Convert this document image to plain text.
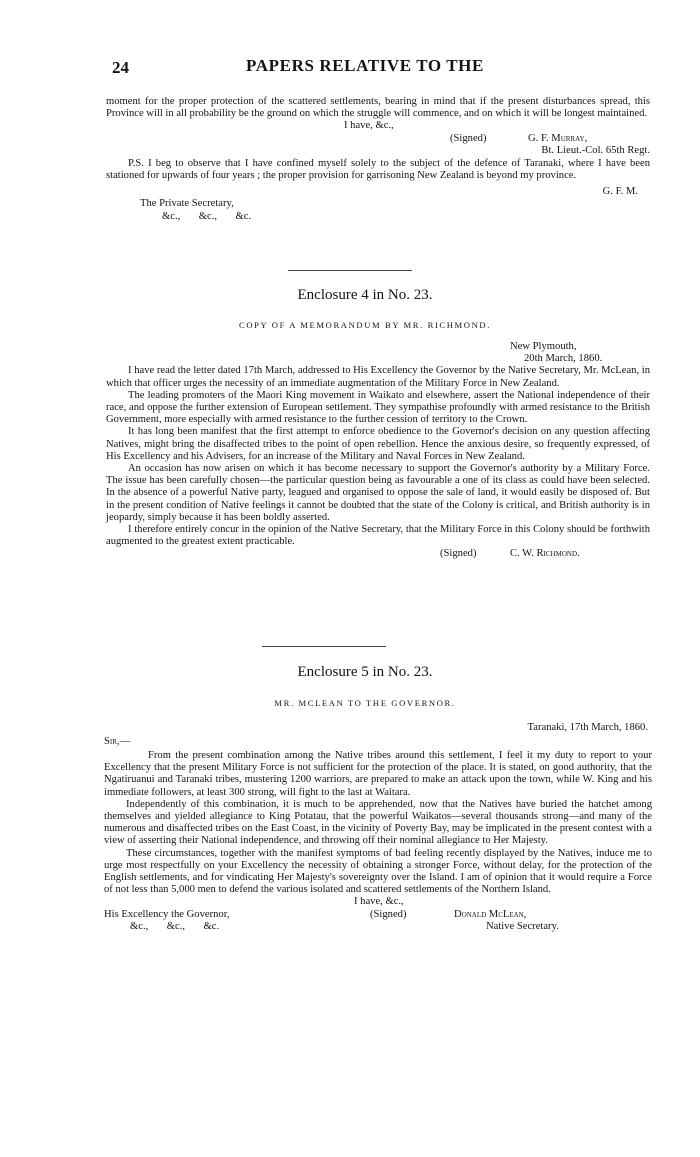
24	PAPERS RELATIVE TO THE

moment for the proper protection of the scattered settlements, bearing in mind that if the present disturbances spread, this Province will in all probability be the ground on which the struggle will commence, and on which it will be longest maintained.

I have, &c.,
(Signed)	G. F. Murray,
Bt. Lieut.-Col. 65th Regt.

P.S. I beg to observe that I have confined myself solely to the subject of the defence of Taranaki, where I have been stationed for upwards of four years ; the proper provision for garrisoning New Zealand is beyond my province.

G. F. M.
The Private Secretary,
&c.,       &c.,       &c.
Enclosure 4 in No. 23.
COPY OF A MEMORANDUM BY MR. RICHMOND.
New Plymouth,
20th March, 1860.

I have read the letter dated 17th March, addressed to His Excellency the Governor by the Native Secretary, Mr. McLean, in which that officer urges the necessity of an immediate augmentation of the Military Force in New Zealand.

The leading promoters of the Maori King movement in Waikato and elsewhere, assert the National independence of their race, and oppose the further extension of European settlement. They sympathise profoundly with armed resistance to the British Government, more especially with armed resistance to the further cession of territory to the Crown.

It has long been manifest that the first attempt to enforce obedience to the Governor's decision on any question affecting Natives, might bring the disaffected tribes to the point of open rebellion. Hence the anxious desire, so frequently expressed, of His Excellency and his Advisers, for an increase of the Military and Naval Forces in New Zealand.

An occasion has now arisen on which it has become necessary to support the Governor's authority by a Military Force. The issue has been carefully chosen—the particular question being as favourable a one of its class as could have been selected. In the absence of a powerful Native party, leagued and organised to oppose the sale of land, it would easily be disposed of. But in the present condition of Native feelings it cannot be doubted that the state of the Colony is critical, and British authority is in jeopardy, simply because it has been boldly asserted.

I therefore entirely concur in the opinion of the Native Secretary, that the Military Force in this Colony should be forthwith augmented to the greatest extent practicable.

(Signed)	C. W. Richmond.
Enclosure 5 in No. 23.
MR. MCLEAN TO THE GOVERNOR.
Taranaki, 17th March, 1860.
Sir,—

From the present combination among the Native tribes around this settlement, I feel it my duty to report to your Excellency that the present Military Force is not sufficient for the protection of the place. It is stated, on good authority, that the Ngatiruanui and Taranaki tribes, mustering 1200 warriors, are prepared to make an attack upon the town, while W. King and his immediate followers, at least 300 strong, will fight to the last at Waitara.

Independently of this combination, it is much to be apprehended, now that the Natives have buried the hatchet among themselves and yielded allegiance to King Potatau, that the powerful Waikatos—several thousands strong—and many of the numerous and disaffected tribes on the East Coast, in the vicinity of Poverty Bay, may be implicated in the present contest with a view of asserting their National independence, and throwing off their nominal allegiance to Her Majesty.

These circumstances, together with the manifest symptoms of bad feeling recently displayed by the Natives, induce me to urge most respectfully on your Excellency the necessity of obtaining a stronger Force, without delay, for the protection of the English settlements, and for vindicating Her Majesty's sovereignty over the Island. I am of opinion that it would require a Force of not less than 5,000 men to defend the various isolated and scattered settlements of the Northern Island.

I have, &c.,
(Signed)	Donald McLean,
His Excellency the Governor,
Native Secretary.
&c.,       &c.,       &c.
